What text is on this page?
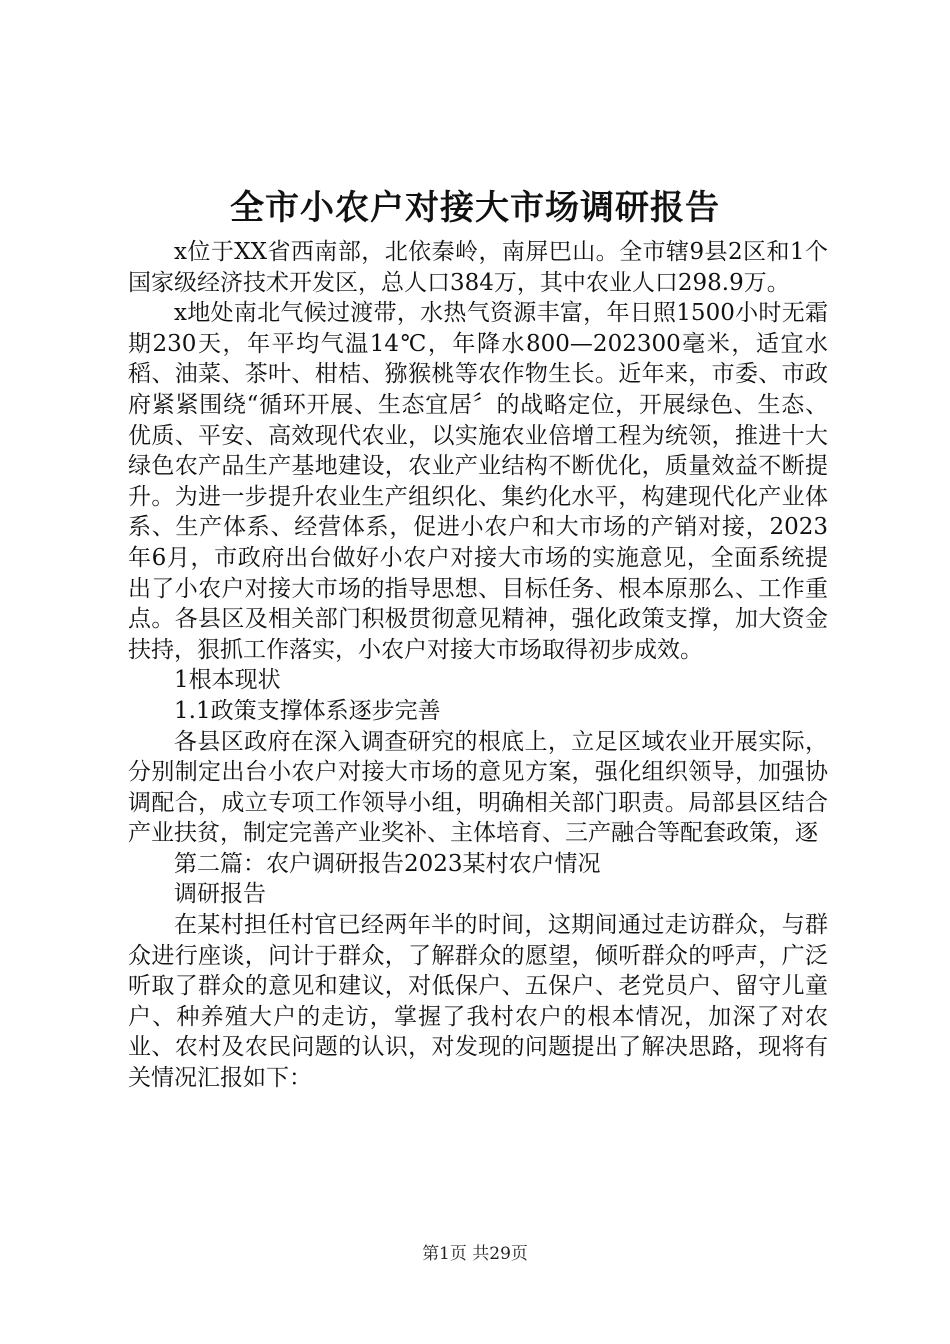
全市小农户对接大市场调研报告

x位于XX省西南部，北依秦岭，南屏巴山。全市辖9县2区和1个国家级经济技术开发区，总人口384万，其中农业人口298.9万。

x地处南北气候过渡带，水热气资源丰富，年日照1500小时无霜期230天，年平均气温14℃，年降水800—202300毫米，适宜水稻、油菜、茶叶、柑桔、猕猴桃等农作物生长。近年来，市委、市政府紧紧围绕“循环开展、生态宜居〞的战略定位，开展绿色、生态、优质、平安、高效现代农业，以实施农业倍增工程为统领，推进十大绿色农产品生产基地建设，农业产业结构不断优化，质量效益不断提升。为进一步提升农业生产组织化、集约化水平，构建现代化产业体系、生产体系、经营体系，促进小农户和大市场的产销对接，2023年6月，市政府出台做好小农户对接大市场的实施意见，全面系统提出了小农户对接大市场的指导思想、目标任务、根本原那么、工作重点。各县区及相关部门积极贯彻意见精神，强化政策支撑，加大资金扶持，狠抓工作落实，小农户对接大市场取得初步成效。

1根本现状

1.1政策支撑体系逐步完善

各县区政府在深入调查研究的根底上，立足区域农业开展实际，分别制定出台小农户对接大市场的意见方案，强化组织领导，加强协调配合，成立专项工作领导小组，明确相关部门职责。局部县区结合产业扶贫，制定完善产业奖补、主体培育、三产融合等配套政策，逐

第二篇：农户调研报告2023某村农户情况

调研报告

在某村担任村官已经两年半的时间，这期间通过走访群众，与群众进行座谈，问计于群众，了解群众的愿望，倾听群众的呼声，广泛听取了群众的意见和建议，对低保户、五保户、老党员户、留守儿童户、种养殖大户的走访，掌握了我村农户的根本情况，加深了对农业、农村及农民问题的认识，对发现的问题提出了解决思路，现将有关情况汇报如下：

第1页 共29页
